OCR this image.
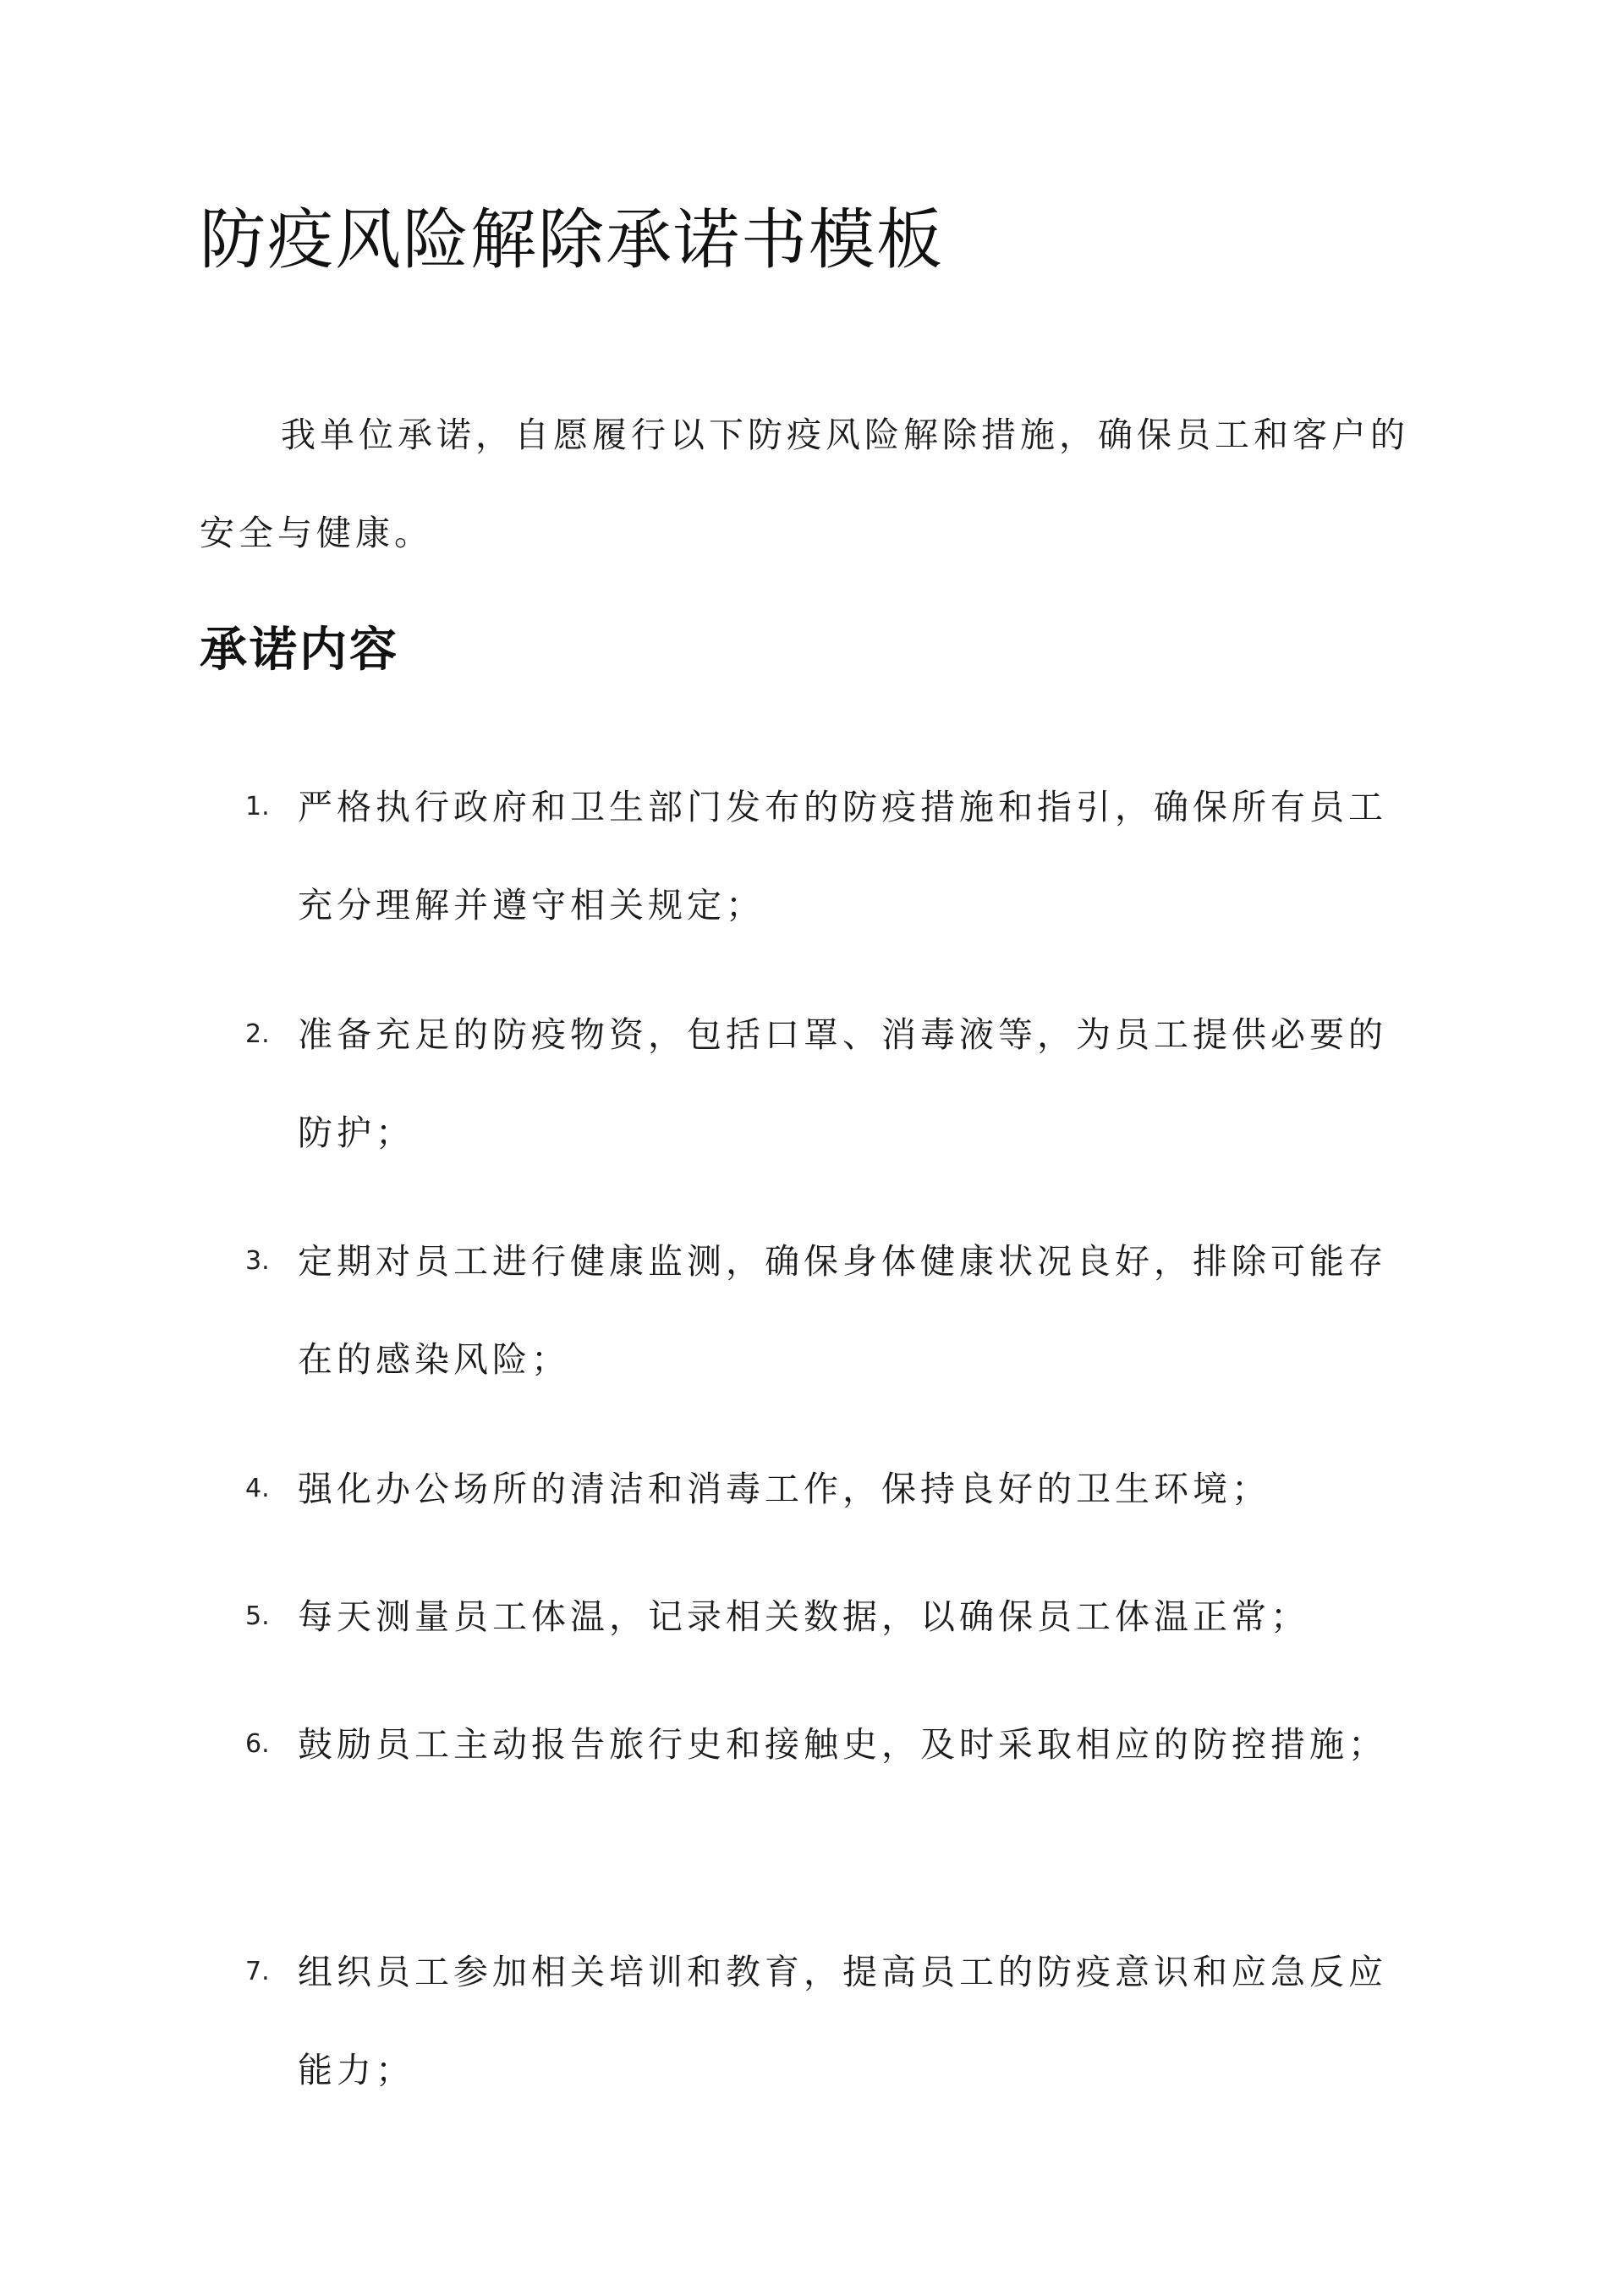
防疫风险解除承诺书模板

我单位承诺，自愿履行以下防疫风险解除措施，确保员工和客户的安全与健康。

承诺内容
1. 严格执行政府和卫生部门发布的防疫措施和指引，确保所有员工充分理解并遵守相关规定；
2. 准备充足的防疫物资，包括口罩、消毒液等，为员工提供必要的防护；
3. 定期对员工进行健康监测，确保身体健康状况良好，排除可能存在的感染风险；
4. 强化办公场所的清洁和消毒工作，保持良好的卫生环境；
5. 每天测量员工体温，记录相关数据，以确保员工体温正常；
6. 鼓励员工主动报告旅行史和接触史，及时采取相应的防控措施；
7. 组织员工参加相关培训和教育，提高员工的防疫意识和应急反应能力；
